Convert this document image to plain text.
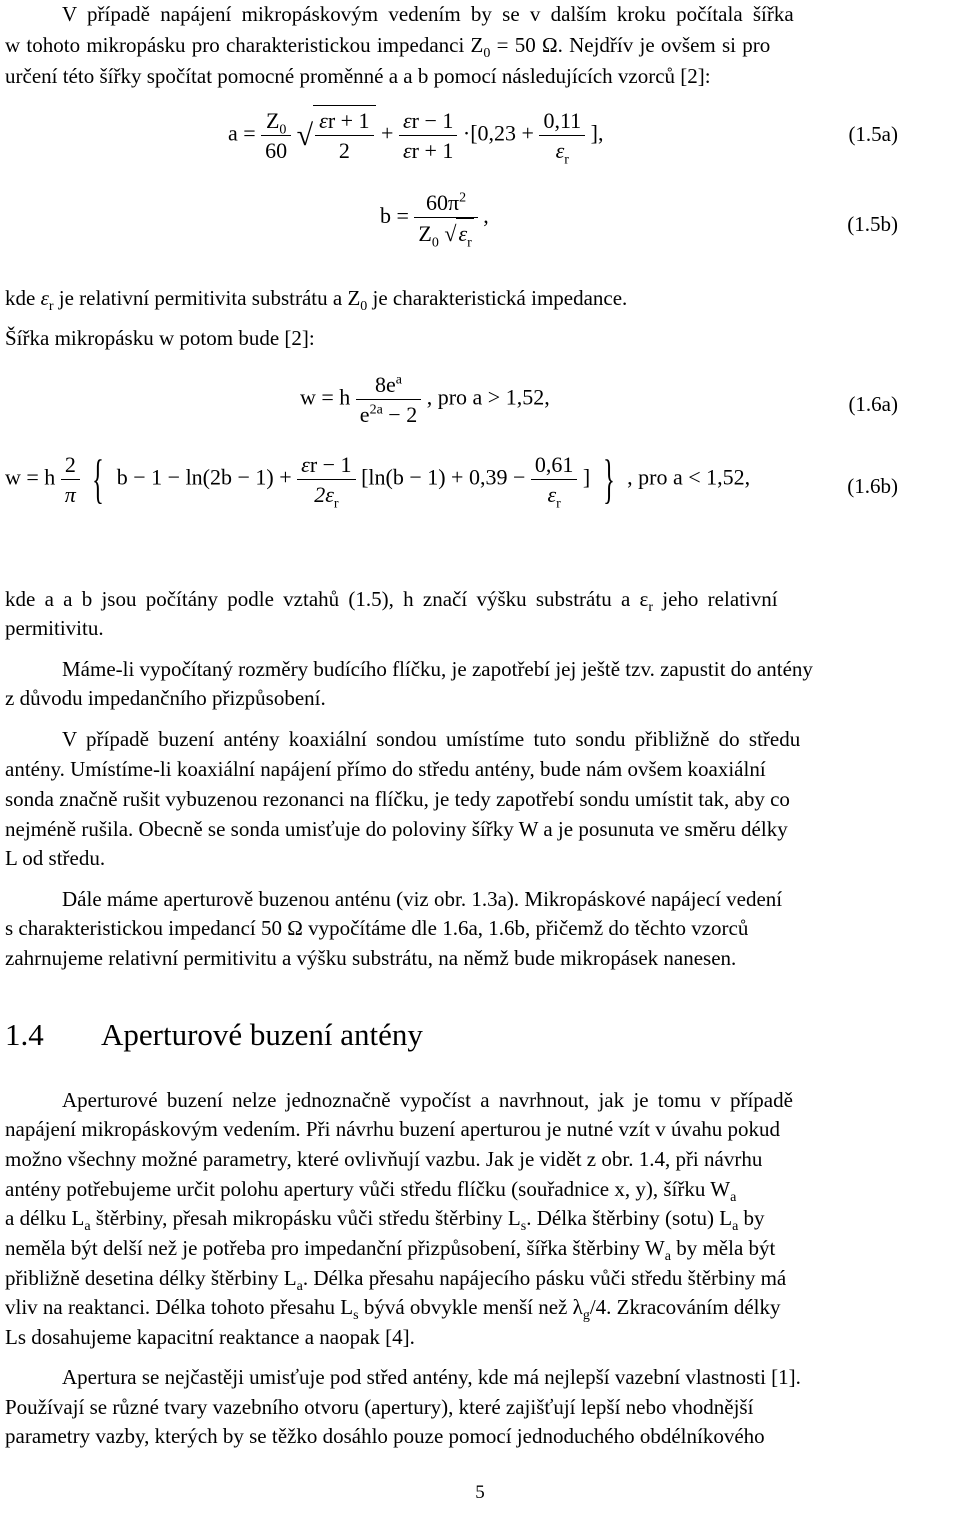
V případě napájení mikropáskovým vedením by se v dalším kroku počítala šířka
w tohoto mikropásku pro charakteristickou impedanci $Z_0 = 50$ Ω. Nejdřív je ovšem si pro
určení této šířky spočítat pomocné proměnné a a b pomocí následujících vzorců [2]:
$a = \frac{Z_0}{60}$ √ $\frac{\varepsilon r + 1}{2} + \frac{\varepsilon r - 1}{\varepsilon r + 1} \cdot[0,23 + \frac{0,11}{\varepsilon_r}$ ],	(1.5a)
$b = \frac{60\pi^2}{Z_0 √\varepsilon_r}$ ,	(1.5b)
kde $\varepsilon_r$ je relativní permitivita substrátu a $Z_0$ je charakteristická impedance.
Šířka mikropásku w potom bude [2]:
w = h $\frac{8e^a}{e^{2a} - 2}$ , pro a > 1,52,	(1.6a)
w = h $\frac{2}{\pi}$ { $b - 1 - \ln(2b - 1) + \frac{\varepsilon r - 1}{2\varepsilon_r} [\ln(b - 1) + 0,39 - \frac{0,61}{\varepsilon_r}$ ] } , pro a < 1,52,	(1.6b)
kde a a b jsou počítány podle vztahů (1.5), h značí výšku substrátu a $\varepsilon_r$ jeho relativní
permitivitu.
Máme-li vypočítaný rozměry budícího flíčku, je zapotřebí jej ještě tzv. zapustit do antény
z důvodu impedančního přizpůsobení.
V případě buzení antény koaxiální sondou umístíme tuto sondu přibližně do středu
antény. Umístíme-li koaxiální napájení přímo do středu antény, bude nám ovšem koaxiální
sonda značně rušit vybuzenou rezonanci na flíčku, je tedy zapotřebí sondu umístit tak, aby co
nejméně rušila. Obecně se sonda umisťuje do poloviny šířky W a je posunuta ve směru délky
L od středu.
Dále máme aperturově buzenou anténu (viz obr. 1.3a). Mikropáskové napájecí vedení
s charakteristickou impedancí 50 Ω vypočítáme dle 1.6a, 1.6b, přičemž do těchto vzorců
zahrnujeme relativní permitivitu a výšku substrátu, na němž bude mikropásek nanesen.
1.4 Aperturové buzení antény
Aperturové buzení nelze jednoznačně vypočíst a navrhnout, jak je tomu v případě
napájení mikropáskovým vedením. Při návrhu buzení aperturou je nutné vzít v úvahu pokud
možno všechny možné parametry, které ovlivňují vazbu. Jak je vidět z obr. 1.4, při návrhu
antény potřebujeme určit polohu apertury vůči středu flíčku (souřadnice x, y), šířku $W_a$
a délku $L_a$ štěrbiny, přesah mikropásku vůči středu štěrbiny $L_s$. Délka štěrbiny (sotu) $L_a$ by
neměla být delší než je potřeba pro impedanční přizpůsobení, šířka štěrbiny $W_a$ by měla být
přibližně desetina délky štěrbiny $L_a$. Délka přesahu napájecího pásku vůči středu štěrbiny má
vliv na reaktanci. Délka tohoto přesahu $L_s$ bývá obvykle menší než $\lambda_g/4$. Zkracováním délky
Ls dosahujeme kapacitní reaktance a naopak [4].
Apertura se nejčastěji umisťuje pod střed antény, kde má nejlepší vazební vlastnosti [1].
Používají se různé tvary vazebního otvoru (apertury), které zajišťují lepší nebo vhodnější
parametry vazby, kterých by se těžko dosáhlo pouze pomocí jednoduchého obdélníkového
5
